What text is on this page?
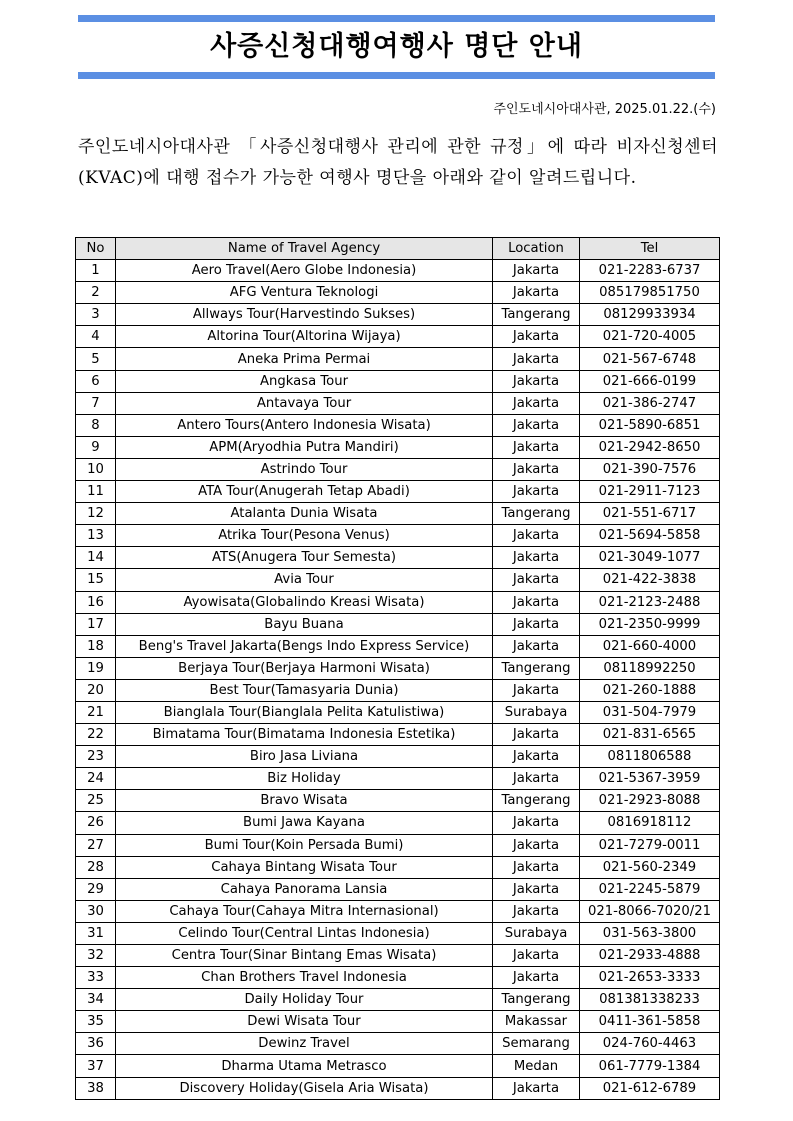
사증신청대행여행사 명단 안내
주인도네시아대사관, 2025.01.22.(수)
주인도네시아대사관 「사증신청대행사 관리에 관한 규정」에 따라 비자신청센터(KVAC)에 대행 접수가 가능한 여행사 명단을 아래와 같이 알려드립니다.
No	Name of Travel Agency	Location	Tel
1	Aero Travel(Aero Globe Indonesia)	Jakarta	021-2283-6737
2	AFG Ventura Teknologi	Jakarta	085179851750
3	Allways Tour(Harvestindo Sukses)	Tangerang	08129933934
4	Altorina Tour(Altorina Wijaya)	Jakarta	021-720-4005
5	Aneka Prima Permai	Jakarta	021-567-6748
6	Angkasa Tour	Jakarta	021-666-0199
7	Antavaya Tour	Jakarta	021-386-2747
8	Antero Tours(Antero Indonesia Wisata)	Jakarta	021-5890-6851
9	APM(Aryodhia Putra Mandiri)	Jakarta	021-2942-8650
10	Astrindo Tour	Jakarta	021-390-7576
11	ATA Tour(Anugerah Tetap Abadi)	Jakarta	021-2911-7123
12	Atalanta Dunia Wisata	Tangerang	021-551-6717
13	Atrika Tour(Pesona Venus)	Jakarta	021-5694-5858
14	ATS(Anugera Tour Semesta)	Jakarta	021-3049-1077
15	Avia Tour	Jakarta	021-422-3838
16	Ayowisata(Globalindo Kreasi Wisata)	Jakarta	021-2123-2488
17	Bayu Buana	Jakarta	021-2350-9999
18	Beng's Travel Jakarta(Bengs Indo Express Service)	Jakarta	021-660-4000
19	Berjaya Tour(Berjaya Harmoni Wisata)	Tangerang	08118992250
20	Best Tour(Tamasyaria Dunia)	Jakarta	021-260-1888
21	Bianglala Tour(Bianglala Pelita Katulistiwa)	Surabaya	031-504-7979
22	Bimatama Tour(Bimatama Indonesia Estetika)	Jakarta	021-831-6565
23	Biro Jasa Liviana	Jakarta	0811806588
24	Biz Holiday	Jakarta	021-5367-3959
25	Bravo Wisata	Tangerang	021-2923-8088
26	Bumi Jawa Kayana	Jakarta	0816918112
27	Bumi Tour(Koin Persada Bumi)	Jakarta	021-7279-0011
28	Cahaya Bintang Wisata Tour	Jakarta	021-560-2349
29	Cahaya Panorama Lansia	Jakarta	021-2245-5879
30	Cahaya Tour(Cahaya Mitra Internasional)	Jakarta	021-8066-7020/21
31	Celindo Tour(Central Lintas Indonesia)	Surabaya	031-563-3800
32	Centra Tour(Sinar Bintang Emas Wisata)	Jakarta	021-2933-4888
33	Chan Brothers Travel Indonesia	Jakarta	021-2653-3333
34	Daily Holiday Tour	Tangerang	081381338233
35	Dewi Wisata Tour	Makassar	0411-361-5858
36	Dewinz Travel	Semarang	024-760-4463
37	Dharma Utama Metrasco	Medan	061-7779-1384
38	Discovery Holiday(Gisela Aria Wisata)	Jakarta	021-612-6789
